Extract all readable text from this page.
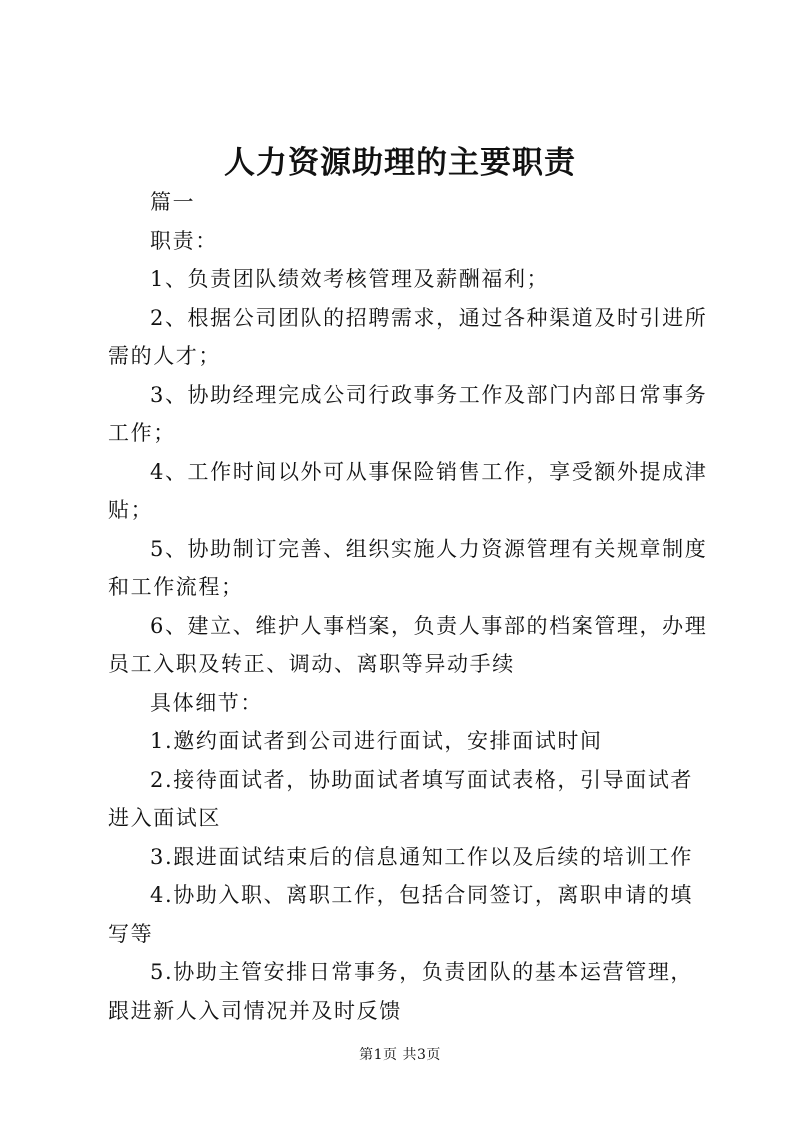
人力资源助理的主要职责

篇一

职责：

1、负责团队绩效考核管理及薪酬福利；

2、根据公司团队的招聘需求，通过各种渠道及时引进所需的人才；

3、协助经理完成公司行政事务工作及部门内部日常事务工作；

4、工作时间以外可从事保险销售工作，享受额外提成津贴；

5、协助制订完善、组织实施人力资源管理有关规章制度和工作流程；

6、建立、维护人事档案，负责人事部的档案管理，办理员工入职及转正、调动、离职等异动手续

具体细节：

1.邀约面试者到公司进行面试，安排面试时间

2.接待面试者，协助面试者填写面试表格，引导面试者进入面试区

3.跟进面试结束后的信息通知工作以及后续的培训工作

4.协助入职、离职工作，包括合同签订，离职申请的填写等

5.协助主管安排日常事务，负责团队的基本运营管理，跟进新人入司情况并及时反馈

第1页 共3页
